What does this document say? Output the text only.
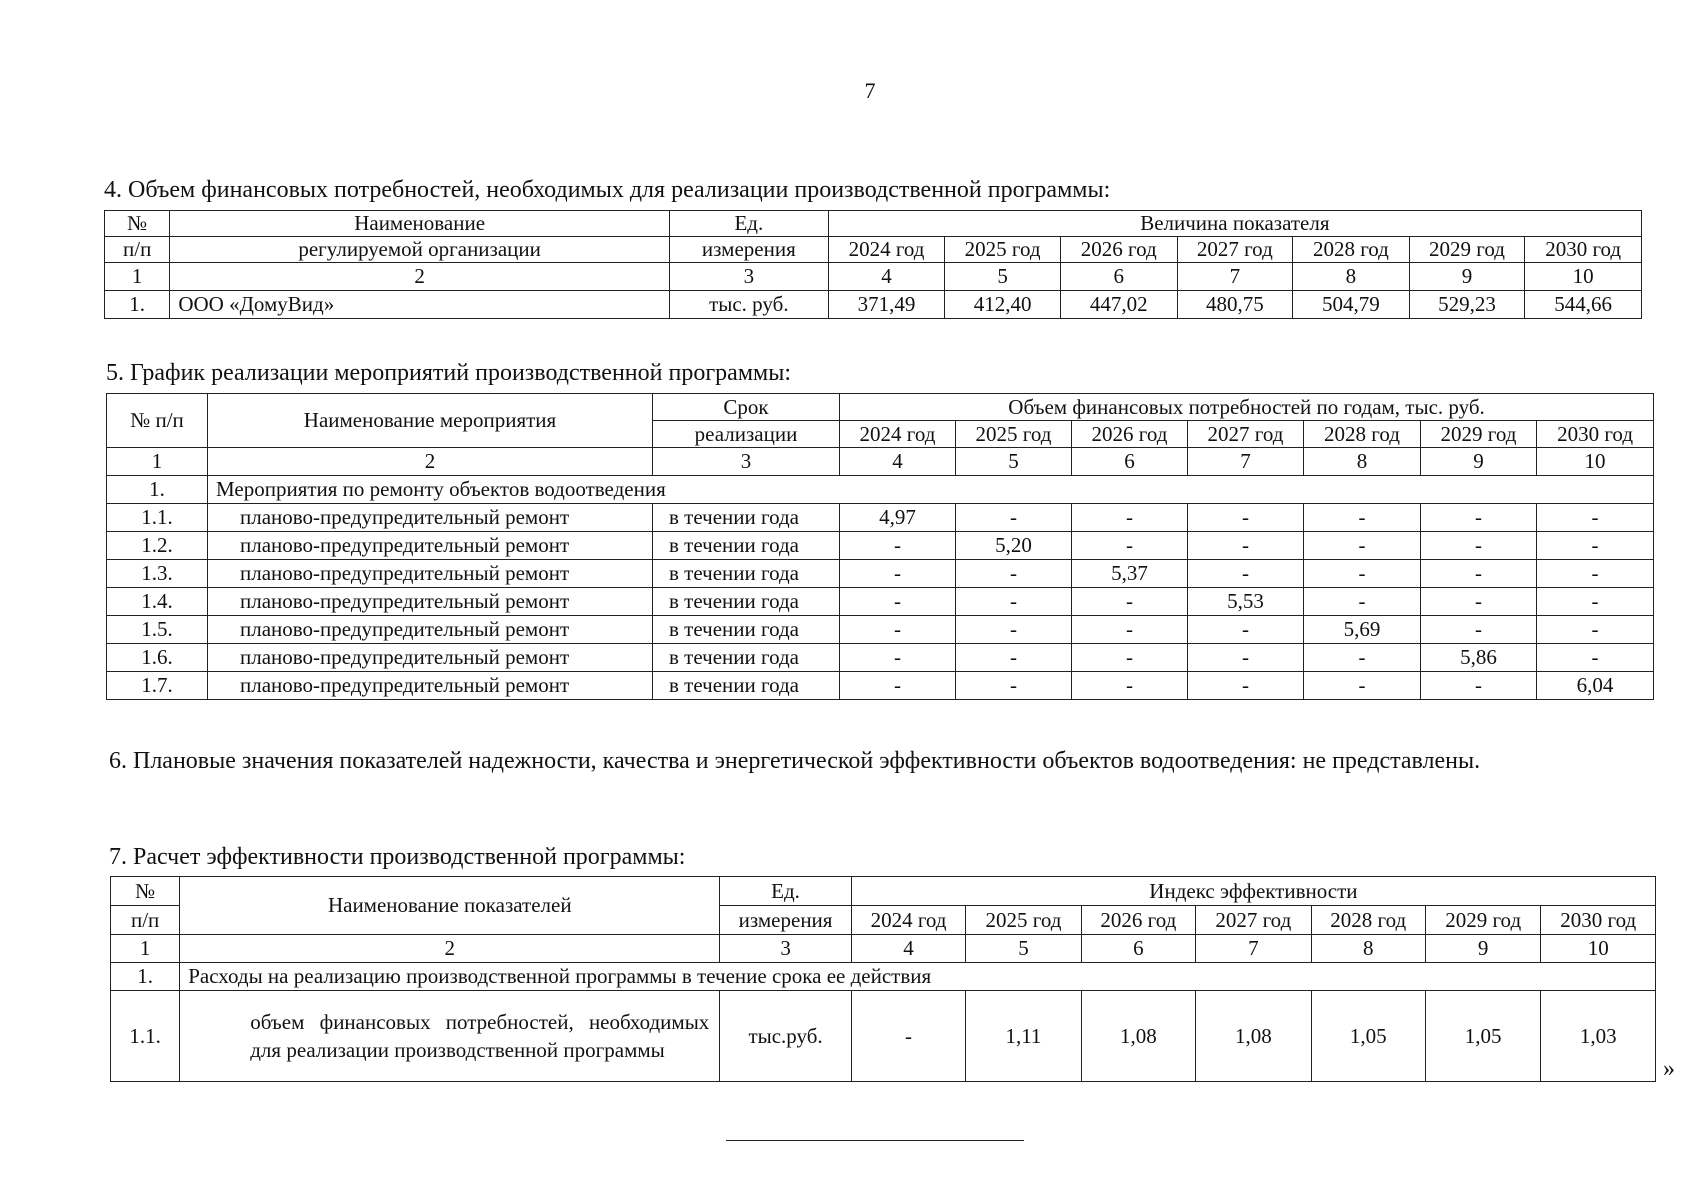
7
4. Объем финансовых потребностей, необходимых для реализации производственной программы:
№	Наименование	Ед.	Величина показателя						
п/п	регулируемой организации	измерения	2024 год	2025 год	2026 год	2027 год	2028 год	2029 год	2030 год
1	2	3	4	5	6	7	8	9	10
1.	ООО «ДомуВид»	тыс. руб.	371,49	412,40	447,02	480,75	504,79	529,23	544,66
5. График реализации мероприятий производственной программы:
№ п/п	Наименование мероприятия	Срок	Объем финансовых потребностей по годам, тыс. руб.						
		реализации	2024 год	2025 год	2026 год	2027 год	2028 год	2029 год	2030 год
1	2	3	4	5	6	7	8	9	10
1.	Мероприятия по ремонту объектов водоотведения								
1.1.	планово-предупредительный ремонт	в течении года	4,97	-	-	-	-	-	-
1.2.	планово-предупредительный ремонт	в течении года	-	5,20	-	-	-	-	-
1.3.	планово-предупредительный ремонт	в течении года	-	-	5,37	-	-	-	-
1.4.	планово-предупредительный ремонт	в течении года	-	-	-	5,53	-	-	-
1.5.	планово-предупредительный ремонт	в течении года	-	-	-	-	5,69	-	-
1.6.	планово-предупредительный ремонт	в течении года	-	-	-	-	-	5,86	-
1.7.	планово-предупредительный ремонт	в течении года	-	-	-	-	-	-	6,04
6. Плановые значения показателей надежности, качества и энергетической эффективности объектов водоотведения: не представлены.
7. Расчет эффективности производственной программы:
№	Наименование показателей	Ед.	Индекс эффективности						
п/п		измерения	2024 год	2025 год	2026 год	2027 год	2028 год	2029 год	2030 год
1	2	3	4	5	6	7	8	9	10
1.	Расходы на реализацию производственной программы в течение срока ее действия								
1.1.	объем финансовых потребностей, необходимых для реализации производственной программы	тыс.руб.	-	1,11	1,08	1,08	1,05	1,05	1,03
»
